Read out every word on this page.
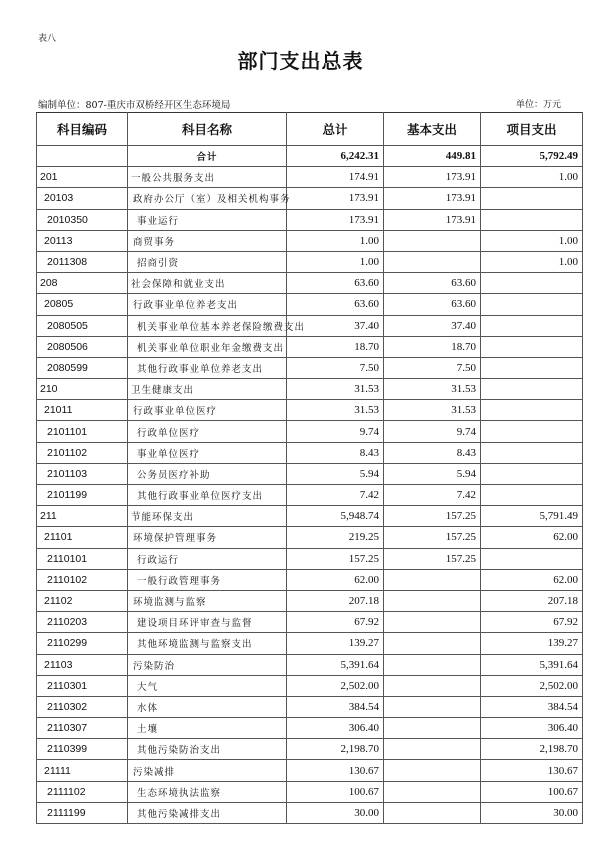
表八
部门支出总表
编制单位：807-重庆市双桥经开区生态环境局	单位：万元
科目编码	科目名称	总计	基本支出	项目支出
	合计	6,242.31	449.81	5,792.49
201	一般公共服务支出	174.91	173.91	1.00
20103	政府办公厅（室）及相关机构事务	173.91	173.91	
2010350	事业运行	173.91	173.91	
20113	商贸事务	1.00		1.00
2011308	招商引资	1.00		1.00
208	社会保障和就业支出	63.60	63.60	
20805	行政事业单位养老支出	63.60	63.60	
2080505	机关事业单位基本养老保险缴费支出	37.40	37.40	
2080506	机关事业单位职业年金缴费支出	18.70	18.70	
2080599	其他行政事业单位养老支出	7.50	7.50	
210	卫生健康支出	31.53	31.53	
21011	行政事业单位医疗	31.53	31.53	
2101101	行政单位医疗	9.74	9.74	
2101102	事业单位医疗	8.43	8.43	
2101103	公务员医疗补助	5.94	5.94	
2101199	其他行政事业单位医疗支出	7.42	7.42	
211	节能环保支出	5,948.74	157.25	5,791.49
21101	环境保护管理事务	219.25	157.25	62.00
2110101	行政运行	157.25	157.25	
2110102	一般行政管理事务	62.00		62.00
21102	环境监测与监察	207.18		207.18
2110203	建设项目环评审查与监督	67.92		67.92
2110299	其他环境监测与监察支出	139.27		139.27
21103	污染防治	5,391.64		5,391.64
2110301	大气	2,502.00		2,502.00
2110302	水体	384.54		384.54
2110307	土壤	306.40		306.40
2110399	其他污染防治支出	2,198.70		2,198.70
21111	污染减排	130.67		130.67
2111102	生态环境执法监察	100.67		100.67
2111199	其他污染减排支出	30.00		30.00
